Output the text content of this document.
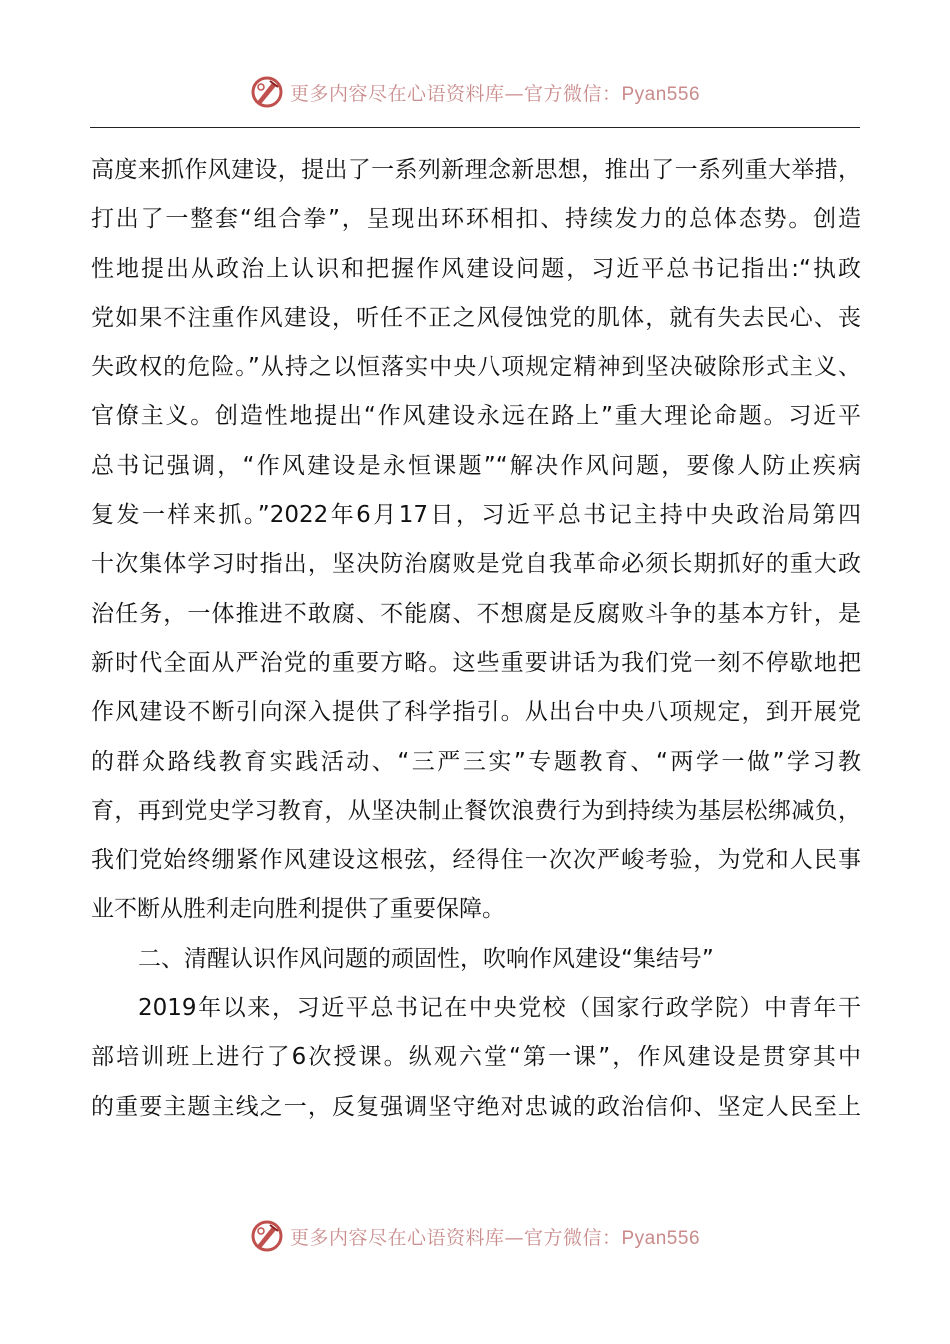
更多内容尽在心语资料库—官方微信：Pyan556
高度来抓作风建设，提出了一系列新理念新思想，推出了一系列重大举措，
打出了一整套“组合拳”，呈现出环环相扣、持续发力的总体态势。创造
性地提出从政治上认识和把握作风建设问题，习近平总书记指出:“执政
党如果不注重作风建设，听任不正之风侵蚀党的肌体，就有失去民心、丧
失政权的危险。”从持之以恒落实中央八项规定精神到坚决破除形式主义、
官僚主义。创造性地提出“作风建设永远在路上”重大理论命题。习近平
总书记强调，“作风建设是永恒课题”“解决作风问题，要像人防止疾病
复发一样来抓。”2022年6月17日，习近平总书记主持中央政治局第四
十次集体学习时指出，坚决防治腐败是党自我革命必须长期抓好的重大政
治任务，一体推进不敢腐、不能腐、不想腐是反腐败斗争的基本方针，是
新时代全面从严治党的重要方略。这些重要讲话为我们党一刻不停歇地把
作风建设不断引向深入提供了科学指引。从出台中央八项规定，到开展党
的群众路线教育实践活动、“三严三实”专题教育、“两学一做”学习教
育，再到党史学习教育，从坚决制止餐饮浪费行为到持续为基层松绑减负，
我们党始终绷紧作风建设这根弦，经得住一次次严峻考验，为党和人民事
业不断从胜利走向胜利提供了重要保障。
二、清醒认识作风问题的顽固性，吹响作风建设“集结号”
2019年以来，习近平总书记在中央党校（国家行政学院）中青年干
部培训班上进行了6次授课。纵观六堂“第一课”，作风建设是贯穿其中
的重要主题主线之一，反复强调坚守绝对忠诚的政治信仰、坚定人民至上
更多内容尽在心语资料库—官方微信：Pyan556
